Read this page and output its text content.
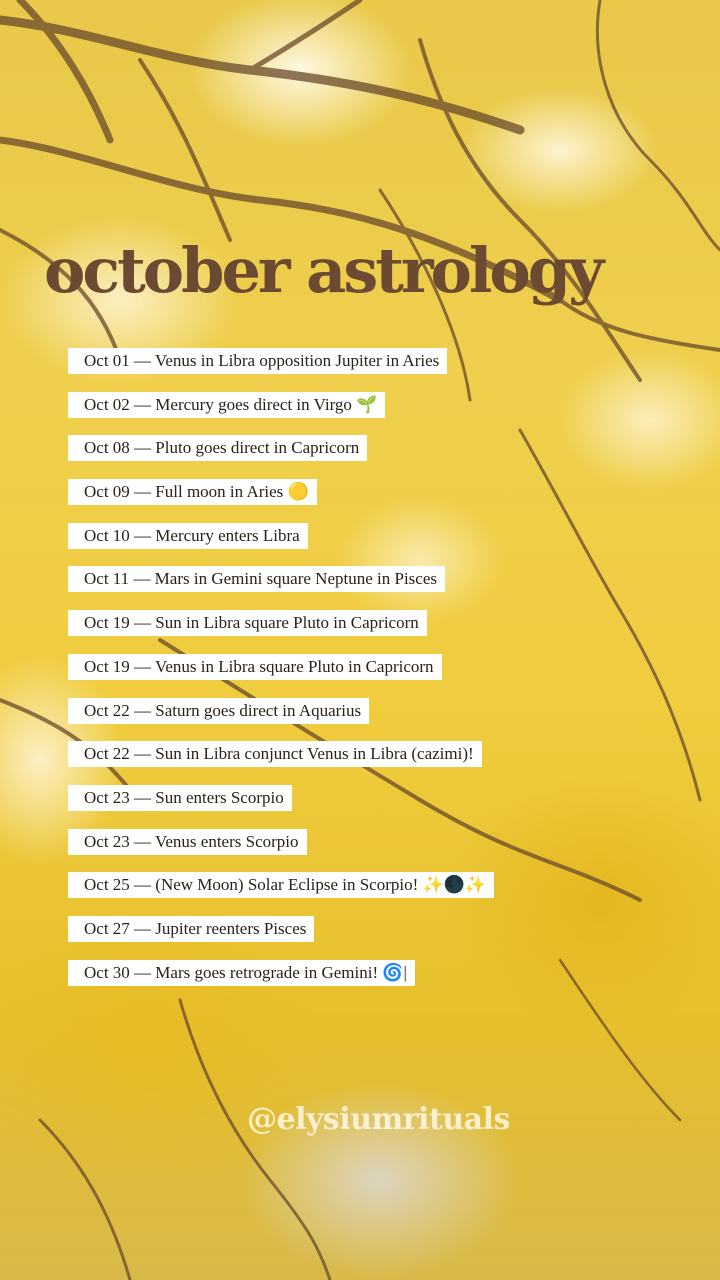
october astrology
Oct 01 — Venus in Libra opposition Jupiter in Aries
Oct 02 — Mercury goes direct in Virgo 🌱
Oct 08 — Pluto goes direct in Capricorn
Oct 09 — Full moon in Aries 🟡
Oct 10 — Mercury enters Libra
Oct 11 — Mars in Gemini square Neptune in Pisces
Oct 19 — Sun in Libra square Pluto in Capricorn
Oct 19 — Venus in Libra square Pluto in Capricorn
Oct 22 — Saturn goes direct in Aquarius
Oct 22 — Sun in Libra conjunct Venus in Libra (cazimi)!
Oct 23 — Sun enters Scorpio
Oct 23 — Venus enters Scorpio
Oct 25 — (New Moon) Solar Eclipse in Scorpio! ✨🌑✨
Oct 27 — Jupiter reenters Pisces
Oct 30 — Mars goes retrograde in Gemini! 🌀|

@elysiumrituals
